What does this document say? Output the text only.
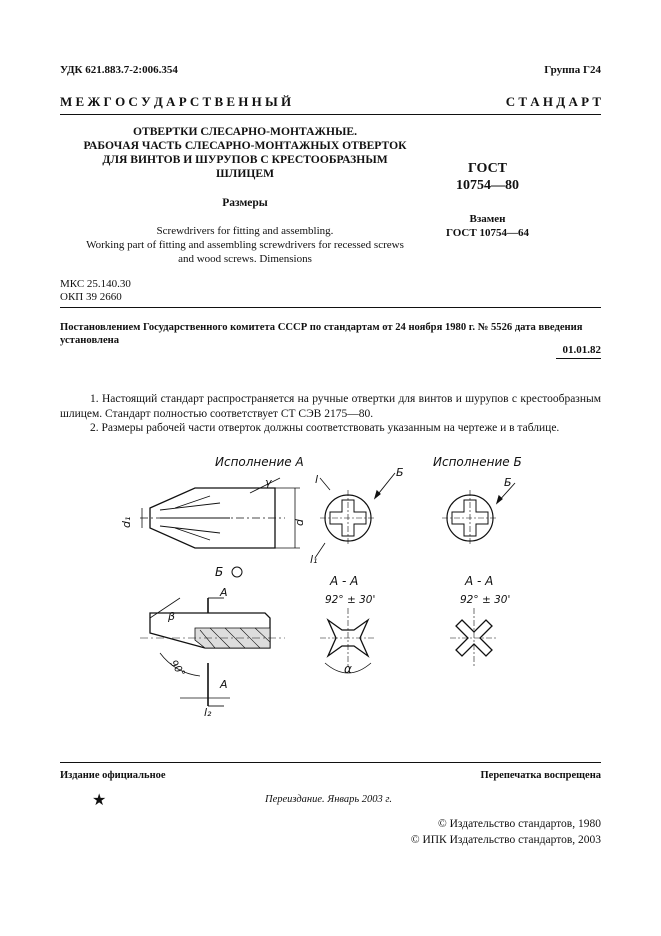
УДК 621.883.7-2:006.354	Группа Г24
М Е Ж Г О С У Д А Р С Т В Е Н Н Ы Й	С Т А Н Д А Р Т
ОТВЕРТКИ СЛЕСАРНО-МОНТАЖНЫЕ.
РАБОЧАЯ ЧАСТЬ СЛЕСАРНО-МОНТАЖНЫХ ОТВЕРТОК
ДЛЯ ВИНТОВ И ШУРУПОВ С КРЕСТООБРАЗНЫМ
ШЛИЦЕМ
Размеры
Screwdrivers for fitting and assembling.
Working part of fitting and assembling screwdrivers for recessed screws
and wood screws. Dimensions
ГОСТ
10754—80
Взамен
ГОСТ 10754—64
МКС 25.140.30
ОКП 39 2660
Постановлением Государственного комитета СССР по стандартам от 24 ноября 1980 г. № 5526 дата введения установлена
01.01.82
1. Настоящий стандарт распространяется на ручные отвертки для винтов и шурупов с крестообразным шлицем. Стандарт полностью соответствует СТ СЭВ 2175—80.
2. Размеры рабочей части отверток должны соответствовать указанным на чертеже и в таблице.
Исполнение А	Исполнение Б
d
d₁
γ
Б
l
l₁
Б
Б
А - А	А - А
92° ± 30'	92° ± 30'
α
А
β
90°
А
l₂
Издание официальное	Перепечатка воспрещена
★	Переиздание. Январь 2003 г.
© Издательство стандартов, 1980
© ИПК Издательство стандартов, 2003
